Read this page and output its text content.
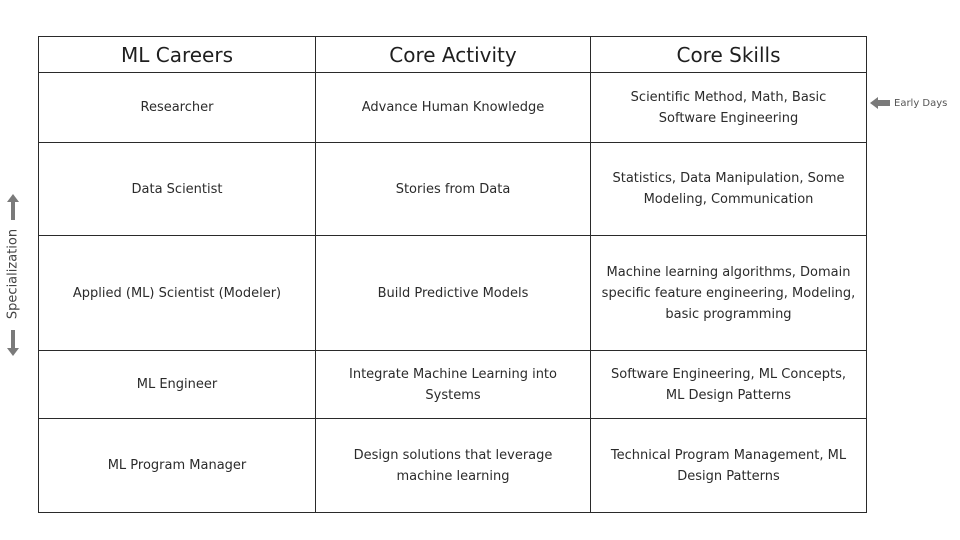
ML Careers	Core Activity	Core Skills
Researcher	Advance Human Knowledge	Scientific Method, Math, Basic Software Engineering
Data Scientist	Stories from Data	Statistics, Data Manipulation, Some Modeling, Communication
Applied (ML) Scientist (Modeler)	Build Predictive Models	Machine learning algorithms, Domain specific feature engineering, Modeling, basic programming
ML Engineer	Integrate Machine Learning into Systems	Software Engineering, ML Concepts, ML Design Patterns
ML Program Manager	Design solutions that leverage machine learning	Technical Program Management, ML Design Patterns
Specialization
Early Days
